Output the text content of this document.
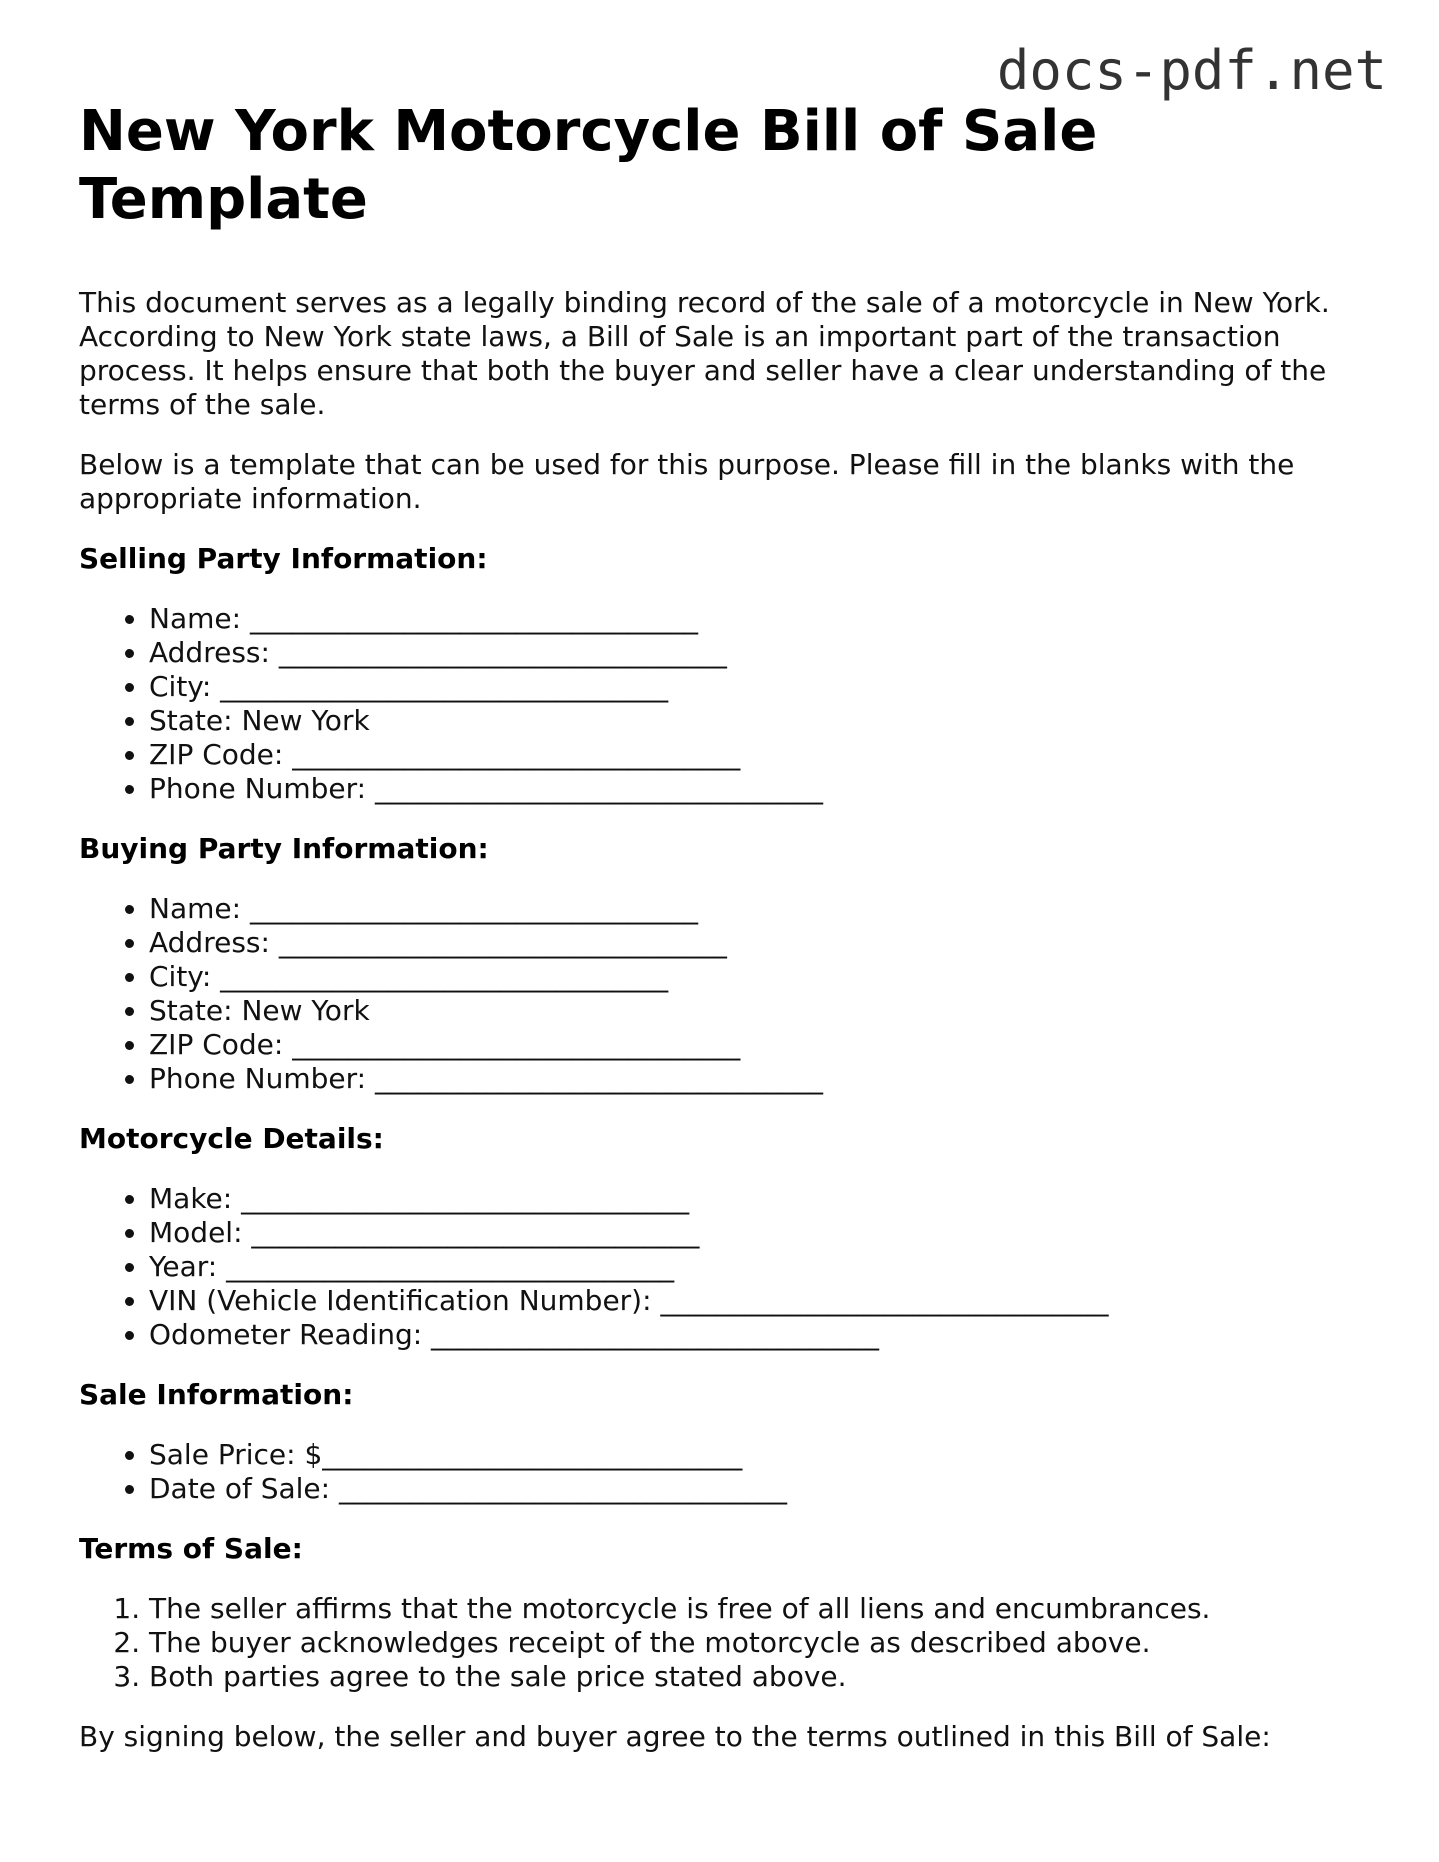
docs-pdf.net
New York Motorcycle Bill of Sale Template

This document serves as a legally binding record of the sale of a motorcycle in New York. According to New York state laws, a Bill of Sale is an important part of the transaction process. It helps ensure that both the buyer and seller have a clear understanding of the terms of the sale.

Below is a template that can be used for this purpose. Please fill in the blanks with the appropriate information.

Selling Party Information:
• Name: ________________________________
• Address: ________________________________
• City: ________________________________
• State: New York
• ZIP Code: ________________________________
• Phone Number: ________________________________
Buying Party Information:
• Name: ________________________________
• Address: ________________________________
• City: ________________________________
• State: New York
• ZIP Code: ________________________________
• Phone Number: ________________________________
Motorcycle Details:
• Make: ________________________________
• Model: ________________________________
• Year: ________________________________
• VIN (Vehicle Identification Number): ________________________________
• Odometer Reading: ________________________________
Sale Information:
• Sale Price: $______________________________
• Date of Sale: ________________________________
Terms of Sale:
1. The seller affirms that the motorcycle is free of all liens and encumbrances.
2. The buyer acknowledges receipt of the motorcycle as described above.
3. Both parties agree to the sale price stated above.

By signing below, the seller and buyer agree to the terms outlined in this Bill of Sale:
